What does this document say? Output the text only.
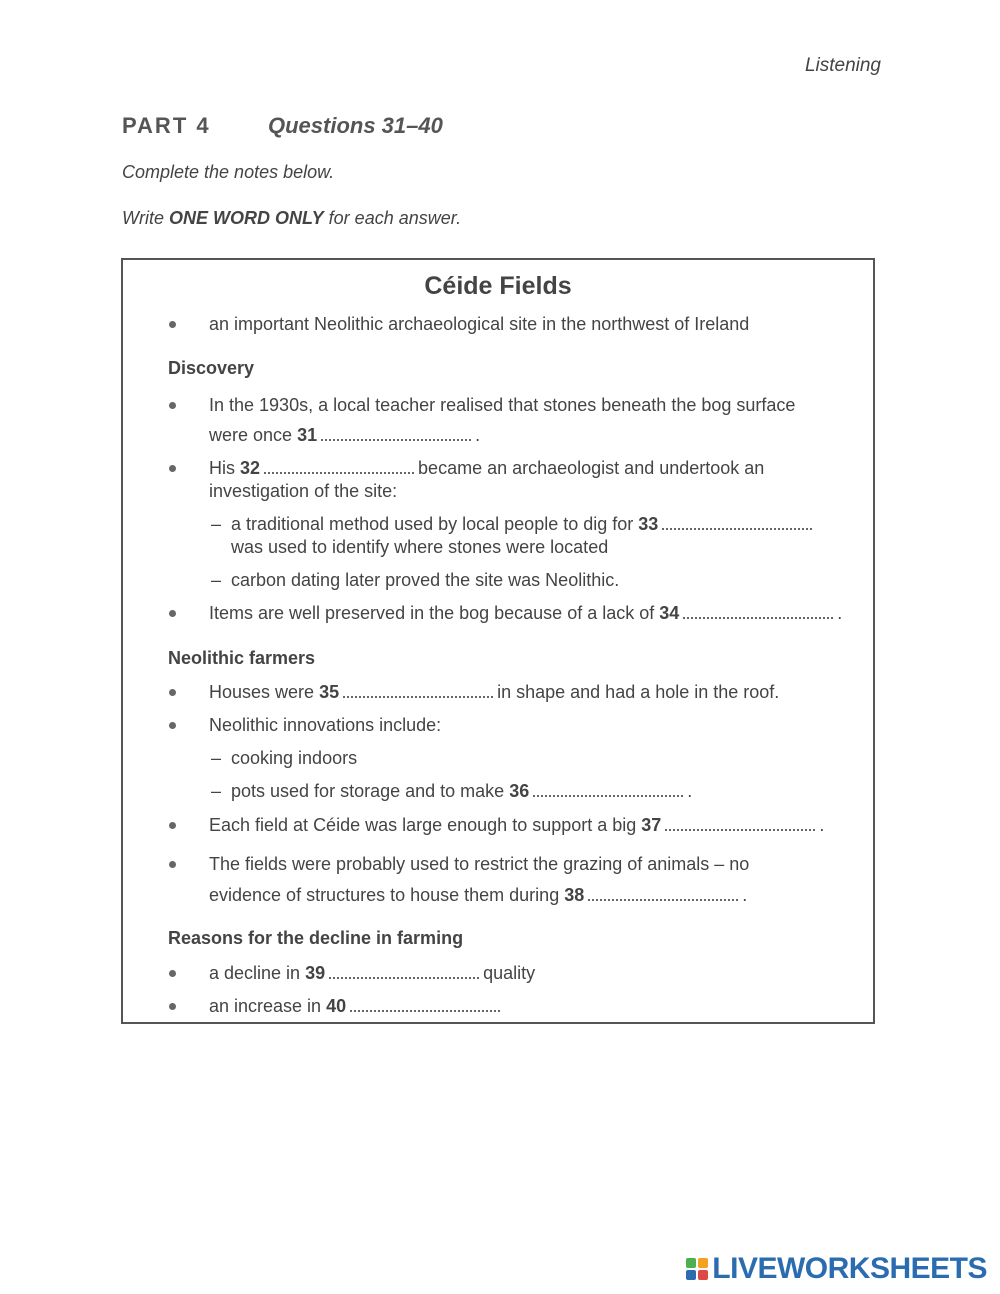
Listening
PART 4	Questions 31–40
Complete the notes below.
Write ONE WORD ONLY for each answer.
Céide Fields
an important Neolithic archaeological site in the northwest of Ireland
Discovery
In the 1930s, a local teacher realised that stones beneath the bog surface
were once 31	.
His 32	became an archaeologist and undertook an
investigation of the site:
– a traditional method used by local people to dig for 33
was used to identify where stones were located
– carbon dating later proved the site was Neolithic.
Items are well preserved in the bog because of a lack of 34	.
Neolithic farmers
Houses were 35	in shape and had a hole in the roof.
Neolithic innovations include:
– cooking indoors
– pots used for storage and to make 36	.
Each field at Céide was large enough to support a big 37	.
The fields were probably used to restrict the grazing of animals – no
evidence of structures to house them during 38	.
Reasons for the decline in farming
a decline in 39	quality
an increase in 40
LIVEWORKSHEETS
